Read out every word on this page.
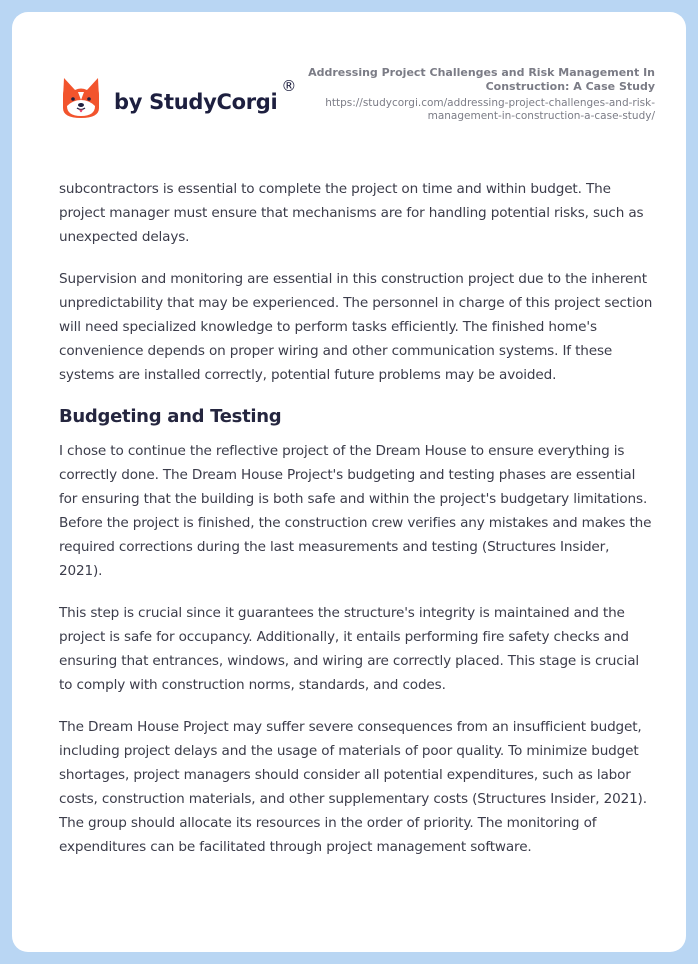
by StudyCorgi
®
Addressing Project Challenges and Risk Management In Construction: A Case Study
https://studycorgi.com/addressing-project-challenges-and-risk-management-in-construction-a-case-study/

subcontractors is essential to complete the project on time and within budget. The project manager must ensure that mechanisms are for handling potential risks, such as unexpected delays.

Supervision and monitoring are essential in this construction project due to the inherent unpredictability that may be experienced. The personnel in charge of this project section will need specialized knowledge to perform tasks efficiently. The finished home's convenience depends on proper wiring and other communication systems. If these systems are installed correctly, potential future problems may be avoided.

Budgeting and Testing

I chose to continue the reflective project of the Dream House to ensure everything is correctly done. The Dream House Project's budgeting and testing phases are essential for ensuring that the building is both safe and within the project's budgetary limitations. Before the project is finished, the construction crew verifies any mistakes and makes the required corrections during the last measurements and testing (Structures Insider, 2021).

This step is crucial since it guarantees the structure's integrity is maintained and the project is safe for occupancy. Additionally, it entails performing fire safety checks and ensuring that entrances, windows, and wiring are correctly placed. This stage is crucial to comply with construction norms, standards, and codes.

The Dream House Project may suffer severe consequences from an insufficient budget, including project delays and the usage of materials of poor quality. To minimize budget shortages, project managers should consider all potential expenditures, such as labor costs, construction materials, and other supplementary costs (Structures Insider, 2021). The group should allocate its resources in the order of priority. The monitoring of expenditures can be facilitated through project management software.
